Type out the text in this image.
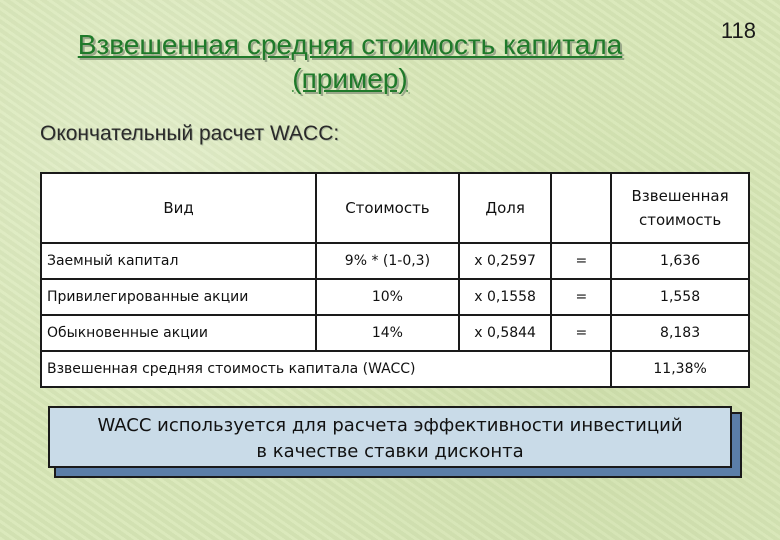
118
Взвешенная средняя стоимость капитала
(пример)
Окончательный расчет WACC:
Вид	Стоимость	Доля		Взвешенная
стоимость
Заемный капитал	9% * (1-0,3)	х 0,2597	=	1,636
Привилегированные акции	10%	х 0,1558	=	1,558
Обыкновенные акции	14%	х 0,5844	=	8,183
Взвешенная средняя стоимость капитала (WACC)				11,38%
WACC используется для расчета эффективности инвестиций
в качестве ставки дисконта
